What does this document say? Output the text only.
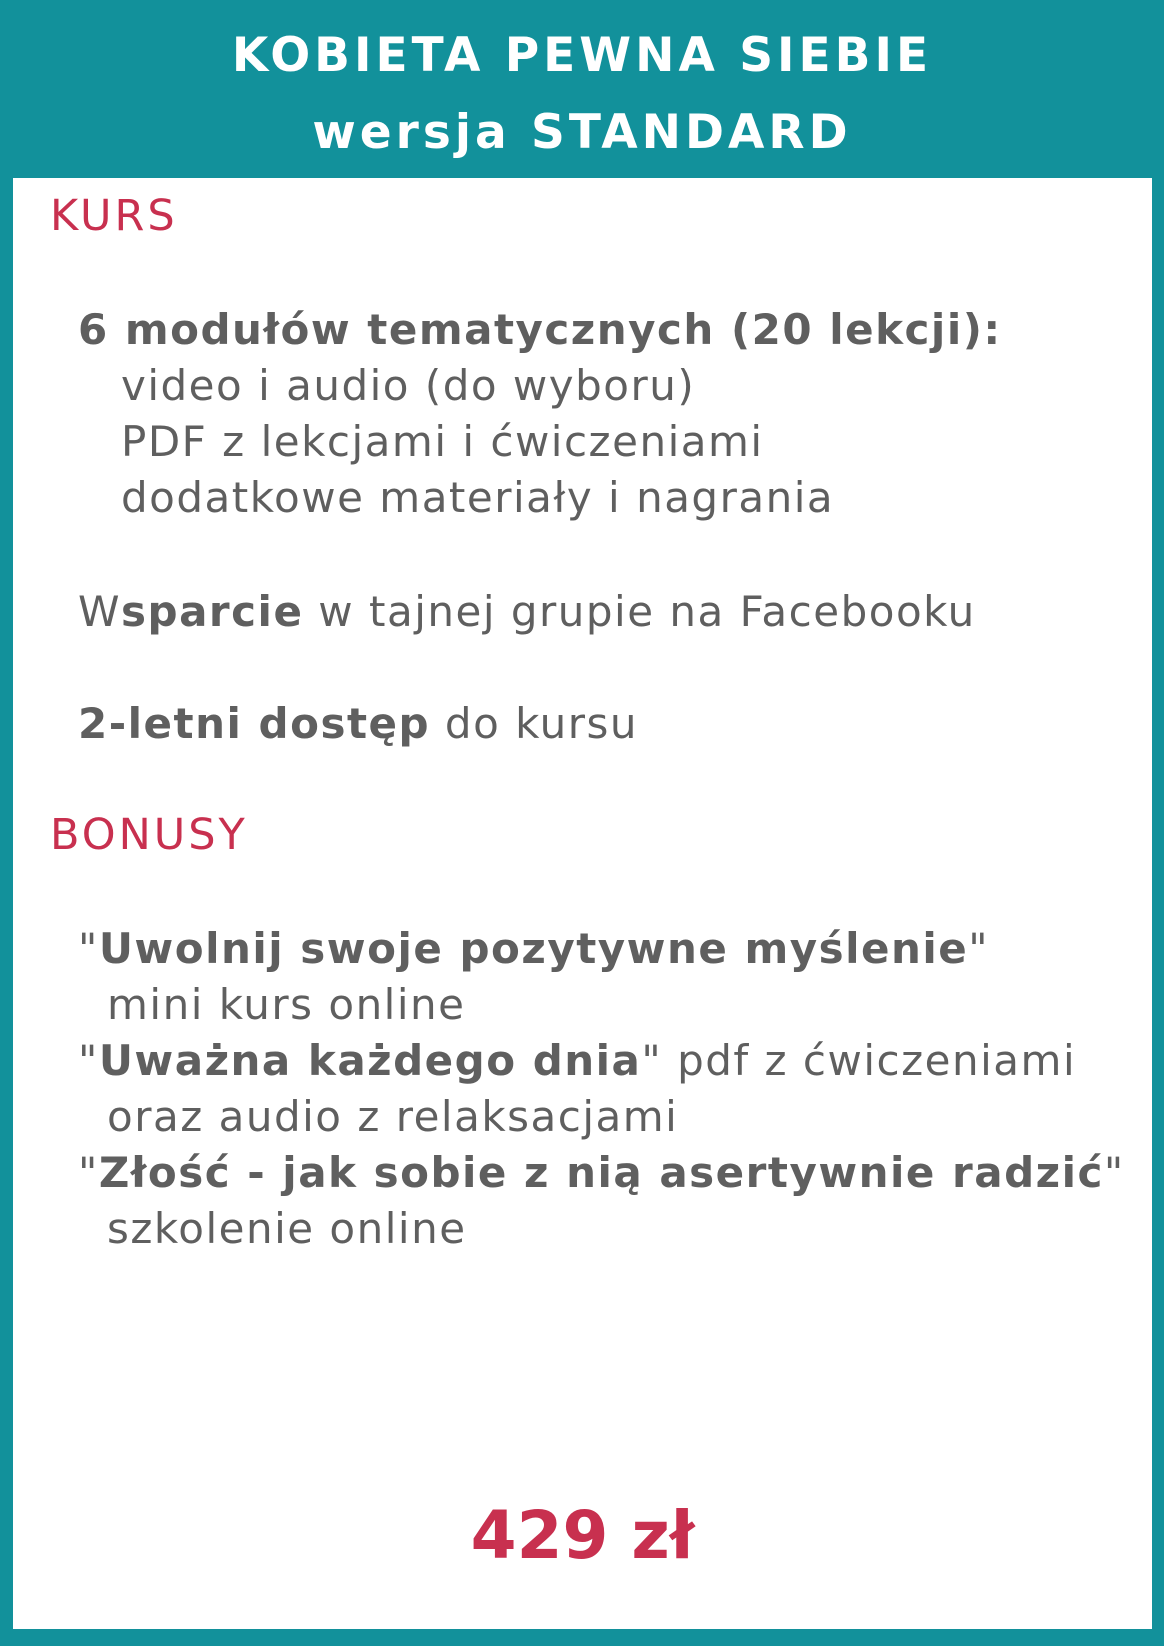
KOBIETA PEWNA SIEBIE
wersja STANDARD
KURS
6 modułów tematycznych (20 lekcji):
video i audio (do wyboru)
PDF z lekcjami i ćwiczeniami
dodatkowe materiały i nagrania
Wsparcie w tajnej grupie na Facebooku
2-letni dostęp do kursu
BONUSY
"Uwolnij swoje pozytywne myślenie"
mini kurs online
"Uważna każdego dnia" pdf z ćwiczeniami
oraz audio z relaksacjami
"Złość - jak sobie z nią asertywnie radzić"
szkolenie online
429 zł
